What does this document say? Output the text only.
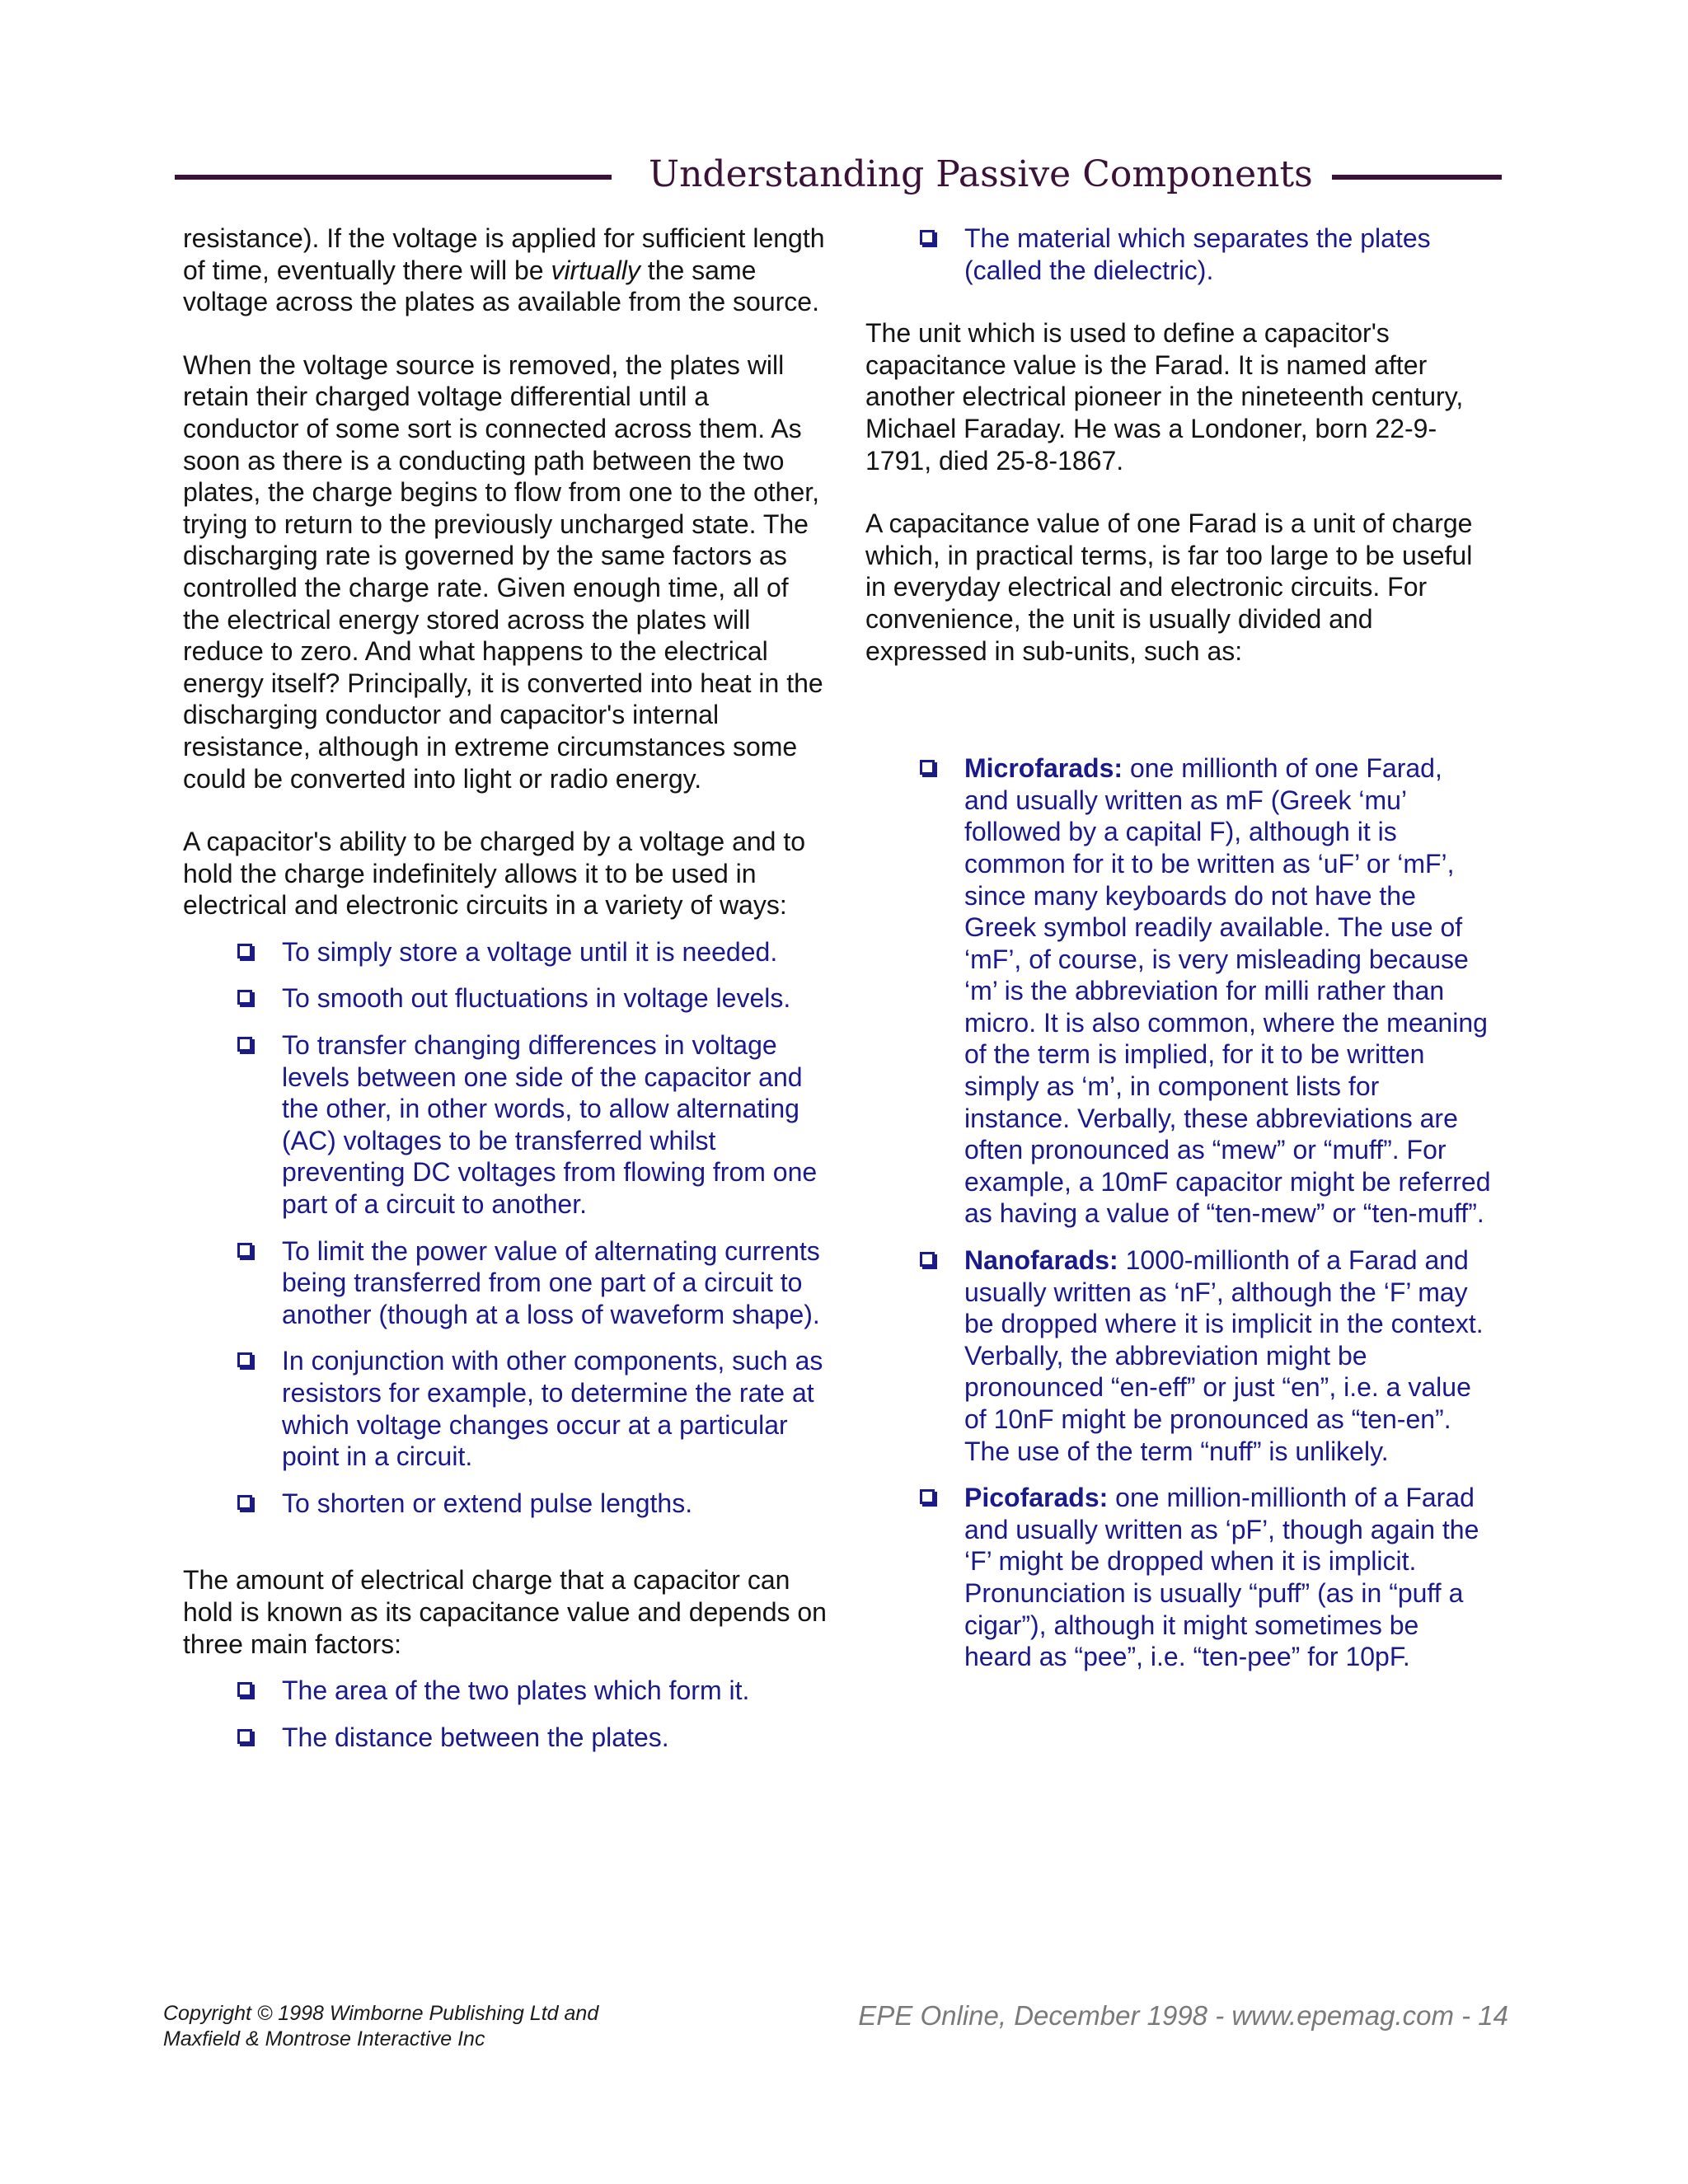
Understanding Passive Components

resistance). If the voltage is applied for sufficient length of time, eventually there will be virtually the same voltage across the plates as available from the source.

When the voltage source is removed, the plates will retain their charged voltage differential until a conductor of some sort is connected across them. As soon as there is a conducting path between the two plates, the charge begins to flow from one to the other, trying to return to the previously uncharged state. The discharging rate is governed by the same factors as controlled the charge rate. Given enough time, all of the electrical energy stored across the plates will reduce to zero. And what happens to the electrical energy itself? Principally, it is converted into heat in the discharging conductor and capacitor's internal resistance, although in extreme circumstances some could be converted into light or radio energy.

A capacitor's ability to be charged by a voltage and to hold the charge indefinitely allows it to be used in electrical and electronic circuits in a variety of ways:

To simply store a voltage until it is needed.
To smooth out fluctuations in voltage levels.
To transfer changing differences in voltage levels between one side of the capacitor and the other, in other words, to allow alternating (AC) voltages to be transferred whilst preventing DC voltages from flowing from one part of a circuit to another.
To limit the power value of alternating currents being transferred from one part of a circuit to another (though at a loss of waveform shape).
In conjunction with other components, such as resistors for example, to determine the rate at which voltage changes occur at a particular point in a circuit.
To shorten or extend pulse lengths.

The amount of electrical charge that a capacitor can hold is known as its capacitance value and depends on three main factors:

The area of the two plates which form it.
The distance between the plates.
The material which separates the plates (called the dielectric).

The unit which is used to define a capacitor's capacitance value is the Farad. It is named after another electrical pioneer in the nineteenth century, Michael Faraday. He was a Londoner, born 22-9-1791, died 25-8-1867.

A capacitance value of one Farad is a unit of charge which, in practical terms, is far too large to be useful in everyday electrical and electronic circuits. For convenience, the unit is usually divided and expressed in sub-units, such as:

Microfarads: one millionth of one Farad, and usually written as mF (Greek ‘mu’ followed by a capital F), although it is common for it to be written as ‘uF’ or ‘mF’, since many keyboards do not have the Greek symbol readily available. The use of ‘mF’, of course, is very misleading because ‘m’ is the abbreviation for milli rather than micro. It is also common, where the meaning of the term is implied, for it to be written simply as ‘m’, in component lists for instance. Verbally, these abbreviations are often pronounced as “mew” or “muff”. For example, a 10mF capacitor might be referred as having a value of “ten-mew” or “ten-muff”.
Nanofarads: 1000-millionth of a Farad and usually written as ‘nF’, although the ‘F’ may be dropped where it is implicit in the context. Verbally, the abbreviation might be pronounced “en-eff” or just “en”, i.e. a value of 10nF might be pronounced as “ten-en”. The use of the term “nuff” is unlikely.
Picofarads: one million-millionth of a Farad and usually written as ‘pF’, though again the ‘F’ might be dropped when it is implicit. Pronunciation is usually “puff” (as in “puff a cigar”), although it might sometimes be heard as “pee”, i.e. “ten-pee” for 10pF.
Copyright © 1998 Wimborne Publishing Ltd and
Maxfield & Montrose Interactive Inc
EPE Online, December 1998 - www.epemag.com - 14
